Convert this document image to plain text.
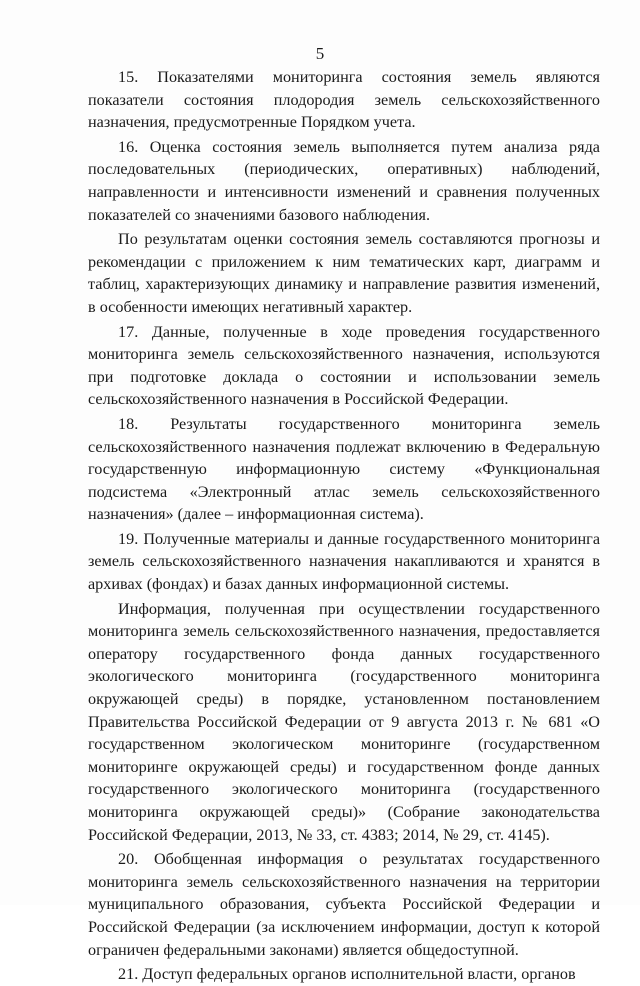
5

15. Показателями мониторинга состояния земель являются показатели состояния плодородия земель сельскохозяйственного назначения, предусмотренные Порядком учета.

16. Оценка состояния земель выполняется путем анализа ряда последовательных (периодических, оперативных) наблюдений, направленности и интенсивности изменений и сравнения полученных показателей со значениями базового наблюдения.

По результатам оценки состояния земель составляются прогнозы и рекомендации с приложением к ним тематических карт, диаграмм и таблиц, характеризующих динамику и направление развития изменений, в особенности имеющих негативный характер.

17. Данные, полученные в ходе проведения государственного мониторинга земель сельскохозяйственного назначения, используются при подготовке доклада о состоянии и использовании земель сельскохозяйственного назначения в Российской Федерации.

18. Результаты государственного мониторинга земель сельскохозяйственного назначения подлежат включению в Федеральную государственную информационную систему «Функциональная подсистема «Электронный атлас земель сельскохозяйственного назначения» (далее – информационная система).

19. Полученные материалы и данные государственного мониторинга земель сельскохозяйственного назначения накапливаются и хранятся в архивах (фондах) и базах данных информационной системы.

Информация, полученная при осуществлении государственного мониторинга земель сельскохозяйственного назначения, предоставляется оператору государственного фонда данных государственного экологического мониторинга (государственного мониторинга окружающей среды) в порядке, установленном постановлением Правительства Российской Федерации от 9 августа 2013 г. № 681 «О государственном экологическом мониторинге (государственном мониторинге окружающей среды) и государственном фонде данных государственного экологического мониторинга (государственного мониторинга окружающей среды)» (Собрание законодательства Российской Федерации, 2013, № 33, ст. 4383; 2014, № 29, ст. 4145).

20. Обобщенная информация о результатах государственного мониторинга земель сельскохозяйственного назначения на территории муниципального образования, субъекта Российской Федерации и Российской Федерации (за исключением информации, доступ к которой ограничен федеральными законами) является общедоступной.

21. Доступ федеральных органов исполнительной власти, органов
